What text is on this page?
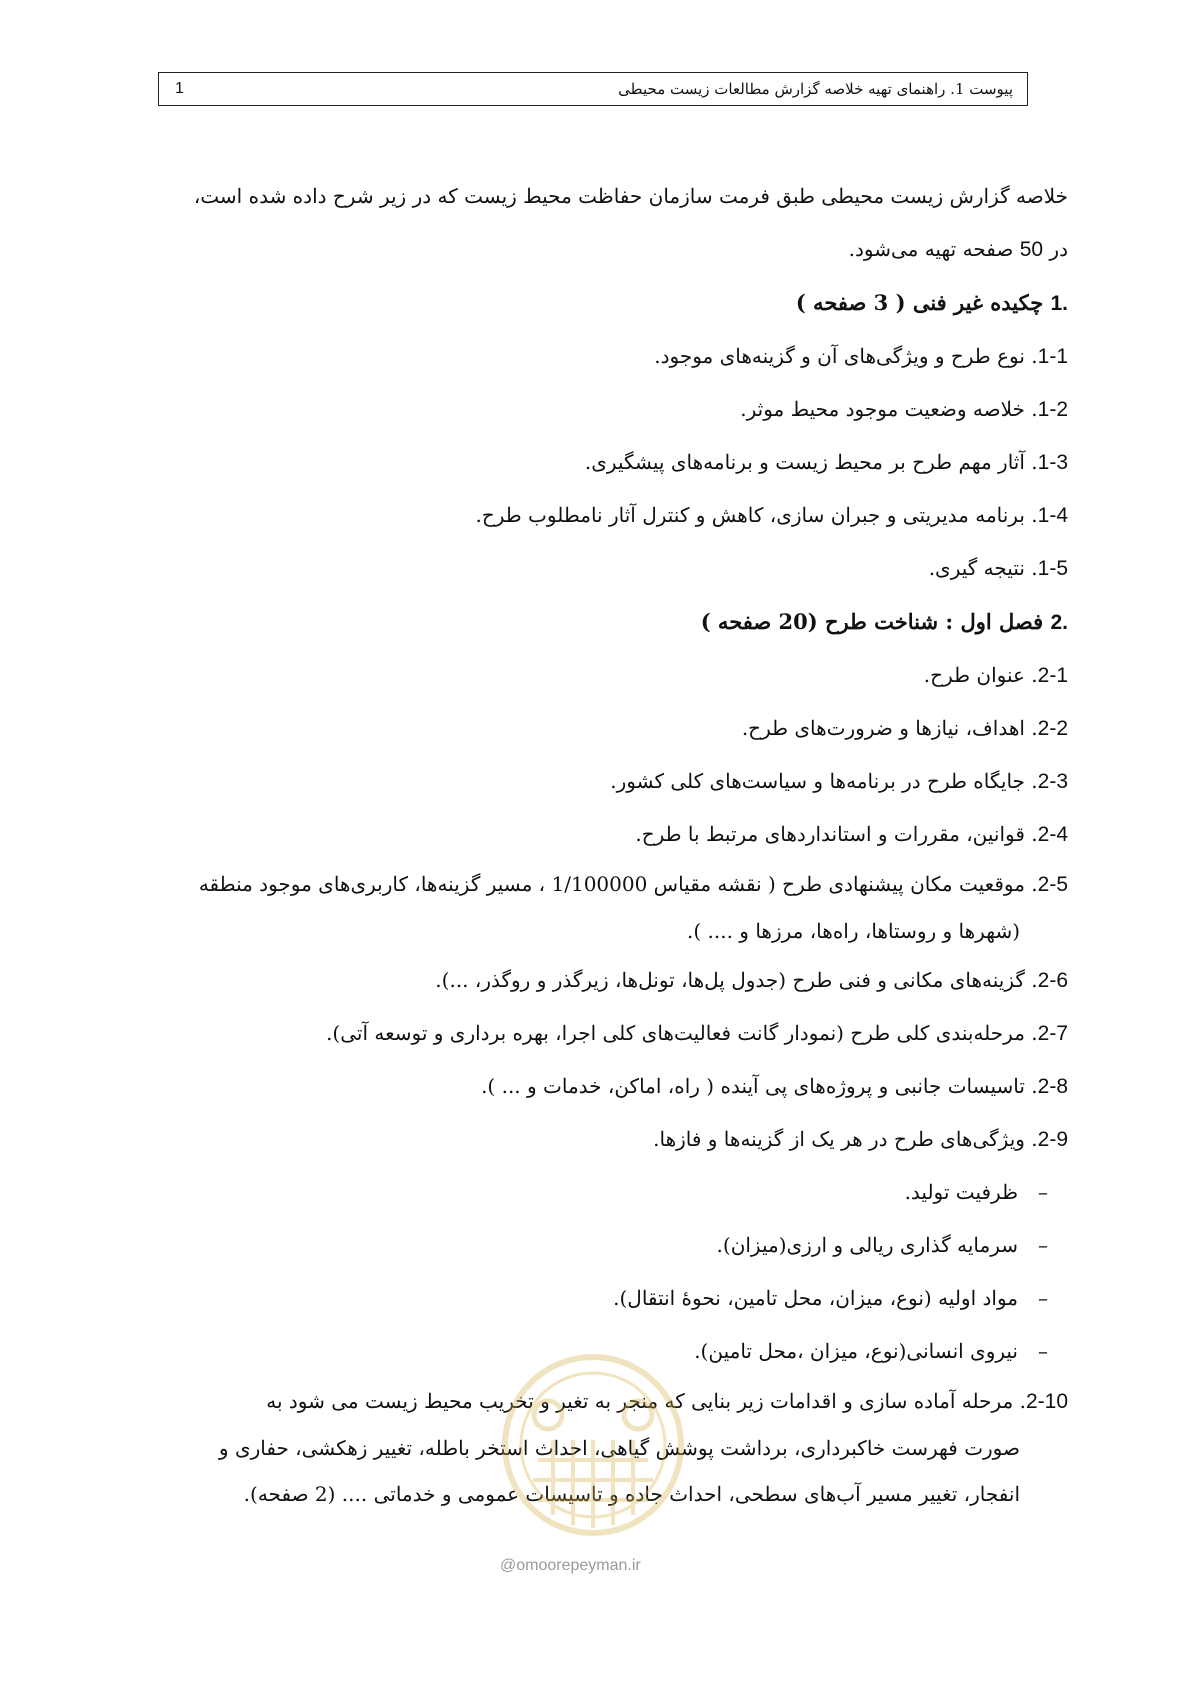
1	پیوست 1. راهنمای تهیه خلاصه گزارش مطالعات زیست محیطی
خلاصه گزارش زیست محیطی طبق فرمت سازمان حفاظت محیط زیست که در زیر شرح داده شده است،
در 50 صفحه تهیه می‌شود.
1. چکیده غیر فنی ( 3 صفحه )
1-1. نوع طرح و ویژگی‌های آن و گزینه‌های موجود.
1-2. خلاصه وضعیت موجود محیط موثر.
1-3. آثار مهم طرح بر محیط زیست و برنامه‌های پیشگیری.
1-4. برنامه مدیریتی و جبران سازی، کاهش و کنترل آثار نامطلوب طرح.
1-5. نتیجه گیری.
2. فصل اول : شناخت طرح (20 صفحه )
2-1. عنوان طرح.
2-2. اهداف، نیازها و ضرورت‌های طرح.
2-3. جایگاه طرح در برنامه‌ها و سیاست‌های کلی کشور.
2-4. قوانین، مقررات و استانداردهای مرتبط با طرح.
2-5. موقعیت مکان پیشنهادی طرح ( نقشه مقیاس 1/100000 ، مسیر گزینه‌ها، کاربری‌های موجود منطقه
(شهرها و روستاها، راه‌ها، مرزها و .... ).
2-6. گزینه‌های مکانی و فنی طرح (جدول پل‌ها، تونل‌ها، زیرگذر و روگذر، ...).
2-7. مرحله‌بندی کلی طرح (نمودار گانت فعالیت‌های کلی اجرا، بهره برداری و توسعه آتی).
2-8. تاسیسات جانبی و پروژه‌های پی آینده ( راه، اماکن، خدمات و ... ).
2-9. ویژگی‌های طرح در هر یک از گزینه‌ها و فازها.
–ظرفیت تولید.
–سرمایه گذاری ریالی و ارزی(میزان).
–مواد اولیه (نوع، میزان، محل تامین، نحوهٔ انتقال).
–نیروی انسانی(نوع، میزان ،محل تامین).
2-10. مرحله آماده سازی و اقدامات زیر بنایی که منجر به تغیر و تخریب محیط زیست می شود به
صورت فهرست خاکبرداری، برداشت پوشش گیاهی، احداث استخر باطله، تغییر زهکشی، حفاری و
انفجار، تغییر مسیر آب‌های سطحی، احداث جاده و تاسیسات عمومی و خدماتی .... (2 صفحه).
@omoorepeyman.ir
